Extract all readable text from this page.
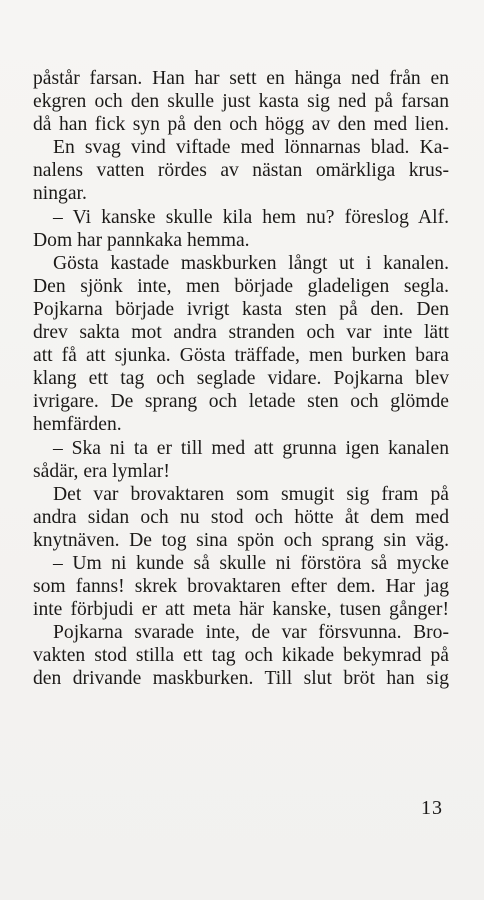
påstår farsan. Han har sett en hänga ned från en
ekgren och den skulle just kasta sig ned på farsan
då han fick syn på den och högg av den med lien.
En svag vind viftade med lönnarnas blad. Ka-
nalens vatten rördes av nästan omärkliga krus-
ningar.
– Vi kanske skulle kila hem nu? föreslog Alf.
Dom har pannkaka hemma.
Gösta kastade maskburken långt ut i kanalen.
Den sjönk inte, men började gladeligen segla.
Pojkarna började ivrigt kasta sten på den. Den
drev sakta mot andra stranden och var inte lätt
att få att sjunka. Gösta träffade, men burken bara
klang ett tag och seglade vidare. Pojkarna blev
ivrigare. De sprang och letade sten och glömde
hemfärden.
– Ska ni ta er till med att grunna igen kanalen
sådär, era lymlar!
Det var brovaktaren som smugit sig fram på
andra sidan och nu stod och hötte åt dem med
knytnäven. De tog sina spön och sprang sin väg.
– Um ni kunde så skulle ni förstöra så mycke
som fanns! skrek brovaktaren efter dem. Har jag
inte förbjudi er att meta här kanske, tusen gånger!
Pojkarna svarade inte, de var försvunna. Bro-
vakten stod stilla ett tag och kikade bekymrad på
den drivande maskburken. Till slut bröt han sig
13
